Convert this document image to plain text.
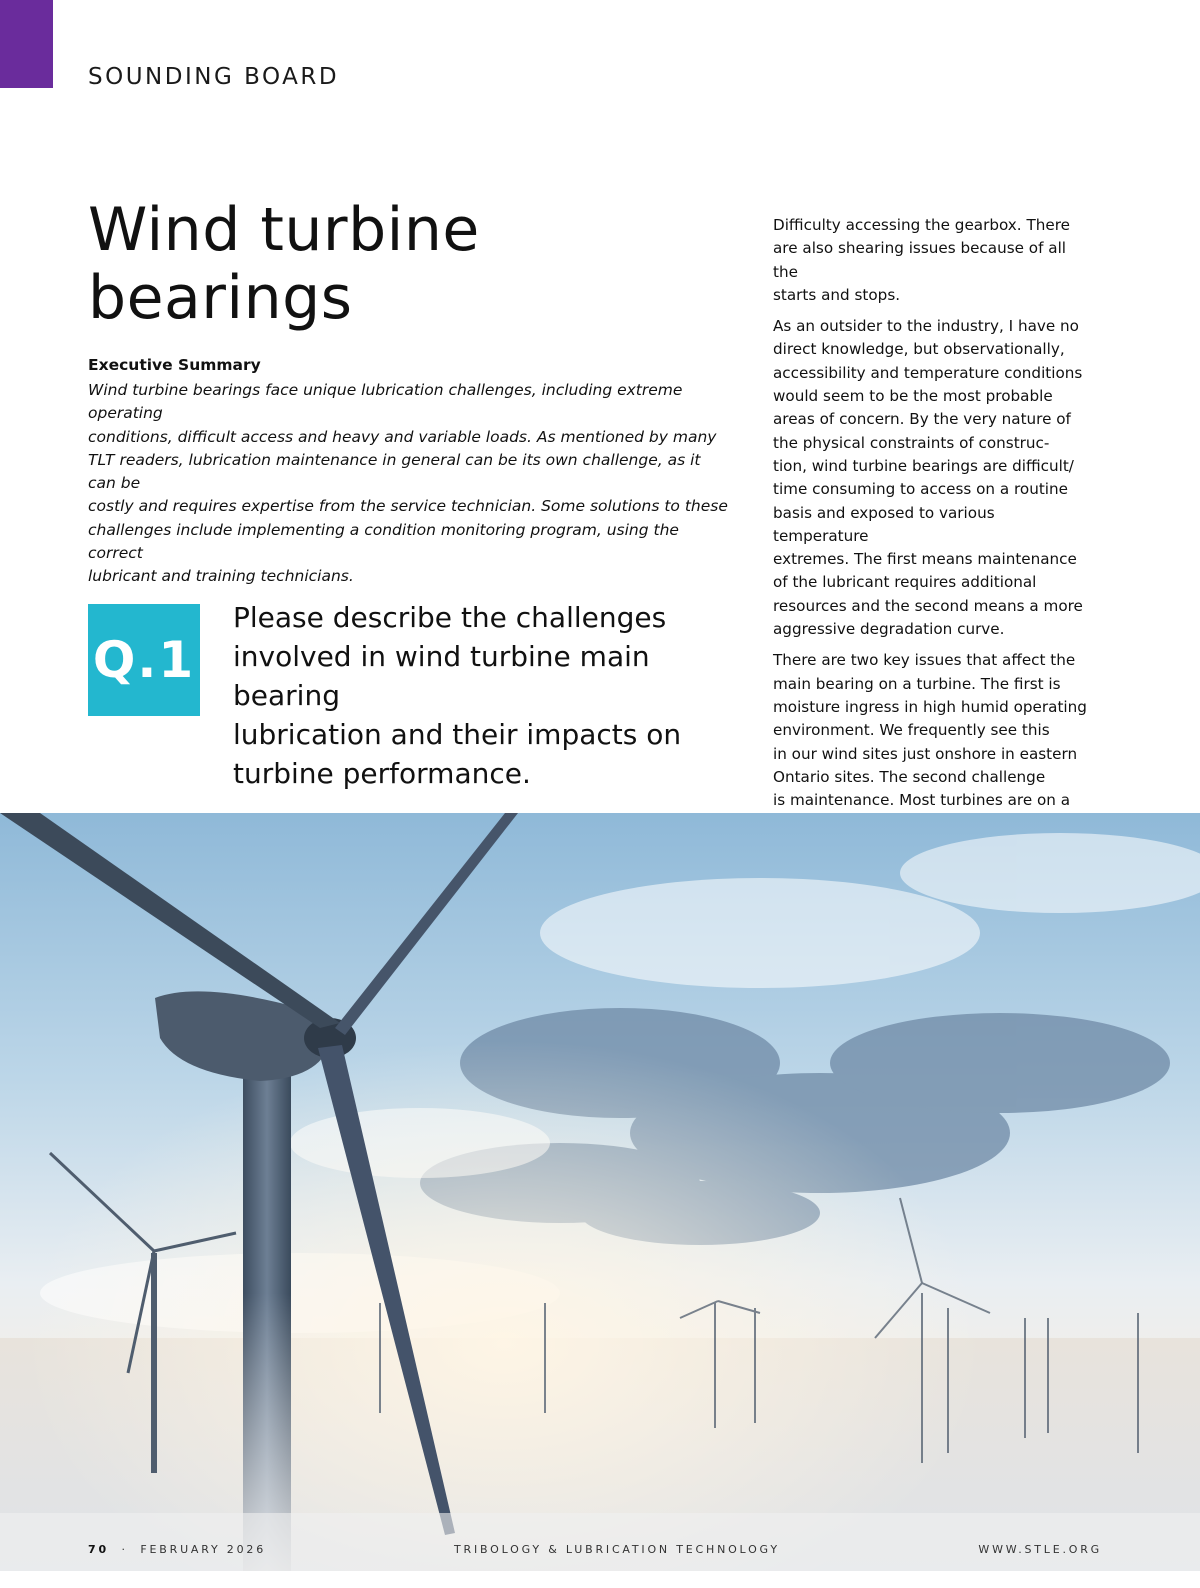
SOUNDING BOARD
Wind turbine
bearings
Executive Summary

Wind turbine bearings face unique lubrication challenges, including extreme operating
conditions, difficult access and heavy and variable loads. As mentioned by many
TLT readers, lubrication maintenance in general can be its own challenge, as it can be
costly and requires expertise from the service technician. Some solutions to these
challenges include implementing a condition monitoring program, using the correct
lubricant and training technicians.

Q.1

Please describe the challenges
involved in wind turbine main bearing
lubrication and their impacts on
turbine performance.

Difficulty accessing the gearbox. There
are also shearing issues because of all the
starts and stops.

As an outsider to the industry, I have no
direct knowledge, but observationally,
accessibility and temperature conditions
would seem to be the most probable
areas of concern. By the very nature of
the physical constraints of construc-
tion, wind turbine bearings are difficult/
time consuming to access on a routine
basis and exposed to various temperature
extremes. The first means maintenance
of the lubricant requires additional
resources and the second means a more
aggressive degradation curve.

There are two key issues that affect the
main bearing on a turbine. The first is
moisture ingress in high humid operating
environment. We frequently see this
in our wind sites just onshore in eastern
Ontario sites. The second challenge
is maintenance. Most turbines are on a

70 · FEBRUARY 2026	TRIBOLOGY & LUBRICATION TECHNOLOGY	WWW.STLE.ORG
